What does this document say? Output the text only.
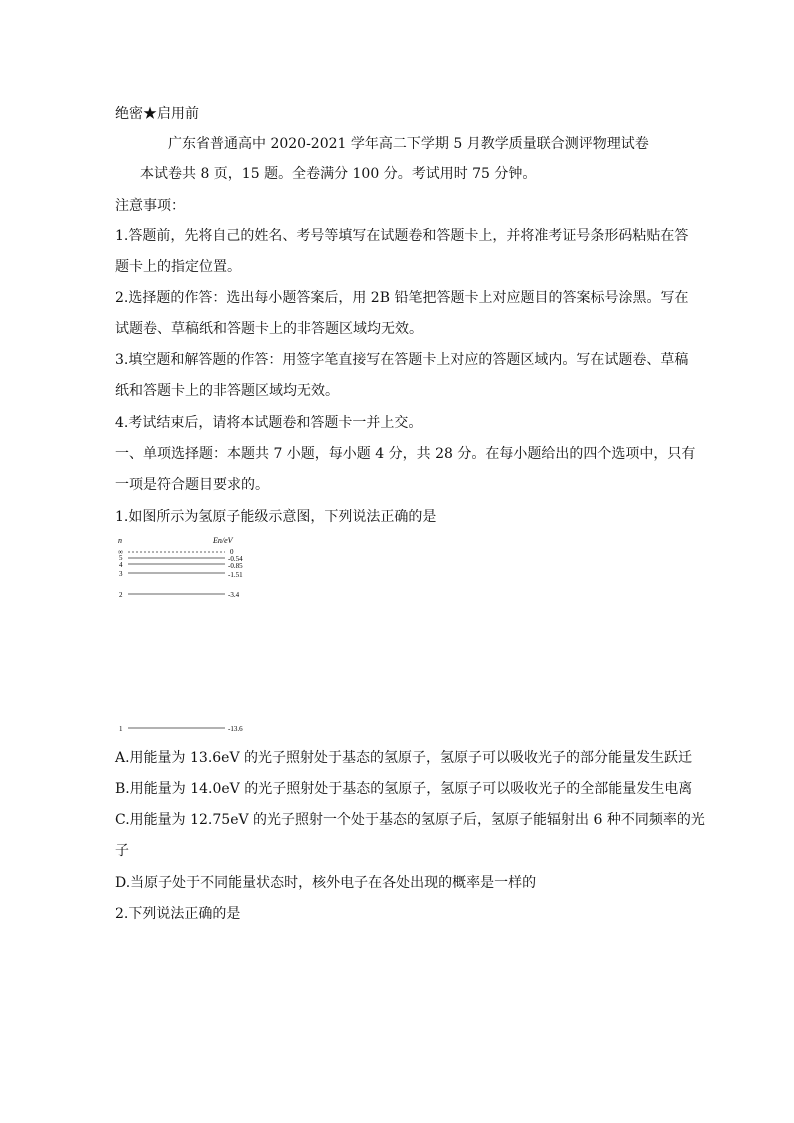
绝密★启用前
广东省普通高中 2020-2021 学年高二下学期 5 月教学质量联合测评物理试卷
本试卷共 8 页，15 题。全卷满分 100 分。考试用时 75 分钟。
注意事项：
1.答题前，先将自己的姓名、考号等填写在试题卷和答题卡上，并将准考证号条形码粘贴在答
题卡上的指定位置。
2.选择题的作答：选出每小题答案后，用 2B 铅笔把答题卡上对应题目的答案标号涂黑。写在
试题卷、草稿纸和答题卡上的非答题区域均无效。
3.填空题和解答题的作答：用签字笔直接写在答题卡上对应的答题区域内。写在试题卷、草稿
纸和答题卡上的非答题区域均无效。
4.考试结束后，请将本试题卷和答题卡一并上交。
一、单项选择题：本题共 7 小题，每小题 4 分，共 28 分。在每小题给出的四个选项中，只有
一项是符合题目要求的。
1.如图所示为氢原子能级示意图，下列说法正确的是
n	En/eV
∞
5
4
3
2
1
0
-0.54
-0.85
-1.51
-3.4
-13.6
A.用能量为 13.6eV 的光子照射处于基态的氢原子，氢原子可以吸收光子的部分能量发生跃迁
B.用能量为 14.0eV 的光子照射处于基态的氢原子，氢原子可以吸收光子的全部能量发生电离
C.用能量为 12.75eV 的光子照射一个处于基态的氢原子后，氢原子能辐射出 6 种不同频率的光
子
D.当原子处于不同能量状态时，核外电子在各处出现的概率是一样的
2.下列说法正确的是
